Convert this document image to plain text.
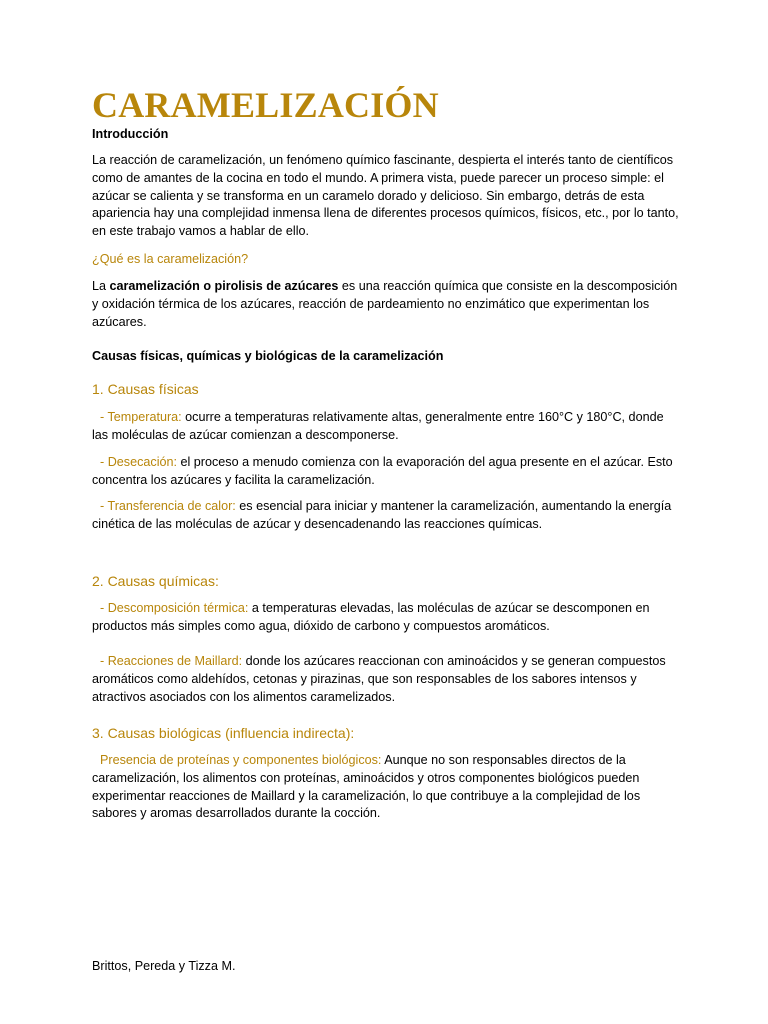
CARAMELIZACIÓN

Introducción

La reacción de caramelización, un fenómeno químico fascinante, despierta el interés tanto de científicos como de amantes de la cocina en todo el mundo. A primera vista, puede parecer un proceso simple: el azúcar se calienta y se transforma en un caramelo dorado y delicioso. Sin embargo, detrás de esta apariencia hay una complejidad inmensa llena de diferentes procesos químicos, físicos, etc., por lo tanto, en este trabajo vamos a hablar de ello.

¿Qué es la caramelización?

La caramelización o pirolisis de azúcares es una reacción química que consiste en la descomposición y oxidación térmica de los azúcares, reacción de pardeamiento no enzimático que experimentan los azúcares.

Causas físicas, químicas y biológicas de la caramelización

1. Causas físicas

- Temperatura: ocurre a temperaturas relativamente altas, generalmente entre 160°C y 180°C, donde las moléculas de azúcar comienzan a descomponerse.

- Desecación: el proceso a menudo comienza con la evaporación del agua presente en el azúcar. Esto concentra los azúcares y facilita la caramelización.

- Transferencia de calor: es esencial para iniciar y mantener la caramelización, aumentando la energía cinética de las moléculas de azúcar y desencadenando las reacciones químicas.

2. Causas químicas:

- Descomposición térmica: a temperaturas elevadas, las moléculas de azúcar se descomponen en productos más simples como agua, dióxido de carbono y compuestos aromáticos.

- Reacciones de Maillard: donde los azúcares reaccionan con aminoácidos y se generan compuestos aromáticos como aldehídos, cetonas y pirazinas, que son responsables de los sabores intensos y atractivos asociados con los alimentos caramelizados.

3. Causas biológicas (influencia indirecta):

Presencia de proteínas y componentes biológicos: Aunque no son responsables directos de la caramelización, los alimentos con proteínas, aminoácidos y otros componentes biológicos pueden experimentar reacciones de Maillard y la caramelización, lo que contribuye a la complejidad de los sabores y aromas desarrollados durante la cocción.

Brittos, Pereda y Tizza M.
